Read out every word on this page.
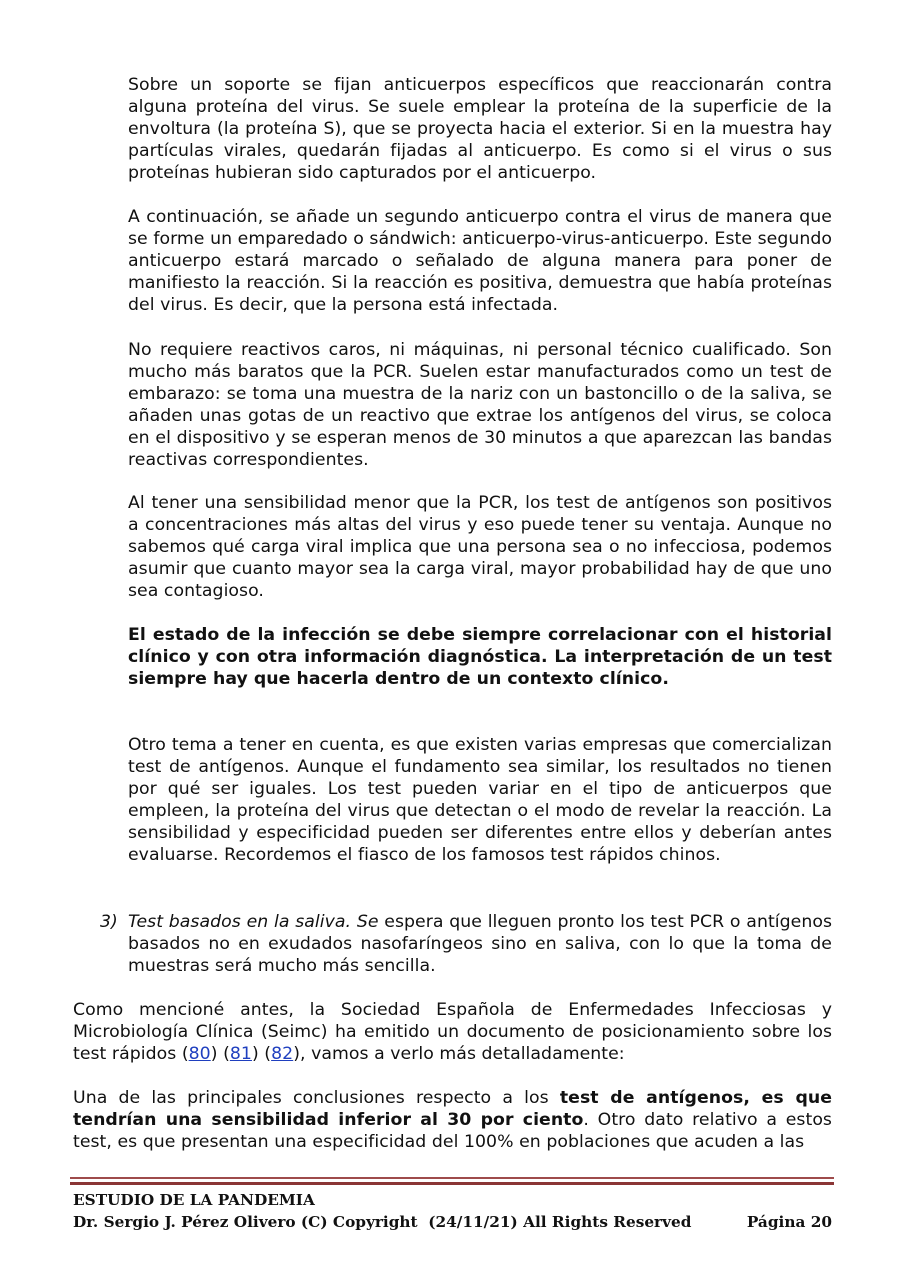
Sobre un soporte se fijan anticuerpos específicos que reaccionarán contra alguna proteína del virus. Se suele emplear la proteína de la superficie de la envoltura (la proteína S), que se proyecta hacia el exterior. Si en la muestra hay partículas virales, quedarán fijadas al anticuerpo. Es como si el virus o sus proteínas hubieran sido capturados por el anticuerpo.

A continuación, se añade un segundo anticuerpo contra el virus de manera que se forme un emparedado o sándwich: anticuerpo-virus-anticuerpo. Este segundo anticuerpo estará marcado o señalado de alguna manera para poner de manifiesto la reacción. Si la reacción es positiva, demuestra que había proteínas del virus. Es decir, que la persona está infectada.

No requiere reactivos caros, ni máquinas, ni personal técnico cualificado. Son mucho más baratos que la PCR. Suelen estar manufacturados como un test de embarazo: se toma una muestra de la nariz con un bastoncillo o de la saliva, se añaden unas gotas de un reactivo que extrae los antígenos del virus, se coloca en el dispositivo y se esperan menos de 30 minutos a que aparezcan las bandas reactivas correspondientes.

Al tener una sensibilidad menor que la PCR, los test de antígenos son positivos a concentraciones más altas del virus y eso puede tener su ventaja. Aunque no sabemos qué carga viral implica que una persona sea o no infecciosa, podemos asumir que cuanto mayor sea la carga viral, mayor probabilidad hay de que uno sea contagioso.

El estado de la infección se debe siempre correlacionar con el historial clínico y con otra información diagnóstica. La interpretación de un test siempre hay que hacerla dentro de un contexto clínico.

Otro tema a tener en cuenta, es que existen varias empresas que comercializan test de antígenos. Aunque el fundamento sea similar, los resultados no tienen por qué ser iguales. Los test pueden variar en el tipo de anticuerpos que empleen, la proteína del virus que detectan o el modo de revelar la reacción. La sensibilidad y especificidad pueden ser diferentes entre ellos y deberían antes evaluarse. Recordemos el fiasco de los famosos test rápidos chinos.

3) Test basados en la saliva. Se espera que lleguen pronto los test PCR o antígenos basados no en exudados nasofaríngeos sino en saliva, con lo que la toma de muestras será mucho más sencilla.

Como mencioné antes, la Sociedad Española de Enfermedades Infecciosas y Microbiología Clínica (Seimc) ha emitido un documento de posicionamiento sobre los test rápidos (80) (81) (82), vamos a verlo más detalladamente:

Una de las principales conclusiones respecto a los test de antígenos, es que tendrían una sensibilidad inferior al 30 por ciento. Otro dato relativo a estos test, es que presentan una especificidad del 100% en poblaciones que acuden a las

ESTUDIO DE LA PANDEMIA
Dr. Sergio J. Pérez Olivero (C) Copyright  (24/11/21) All Rights Reserved	Página 20
